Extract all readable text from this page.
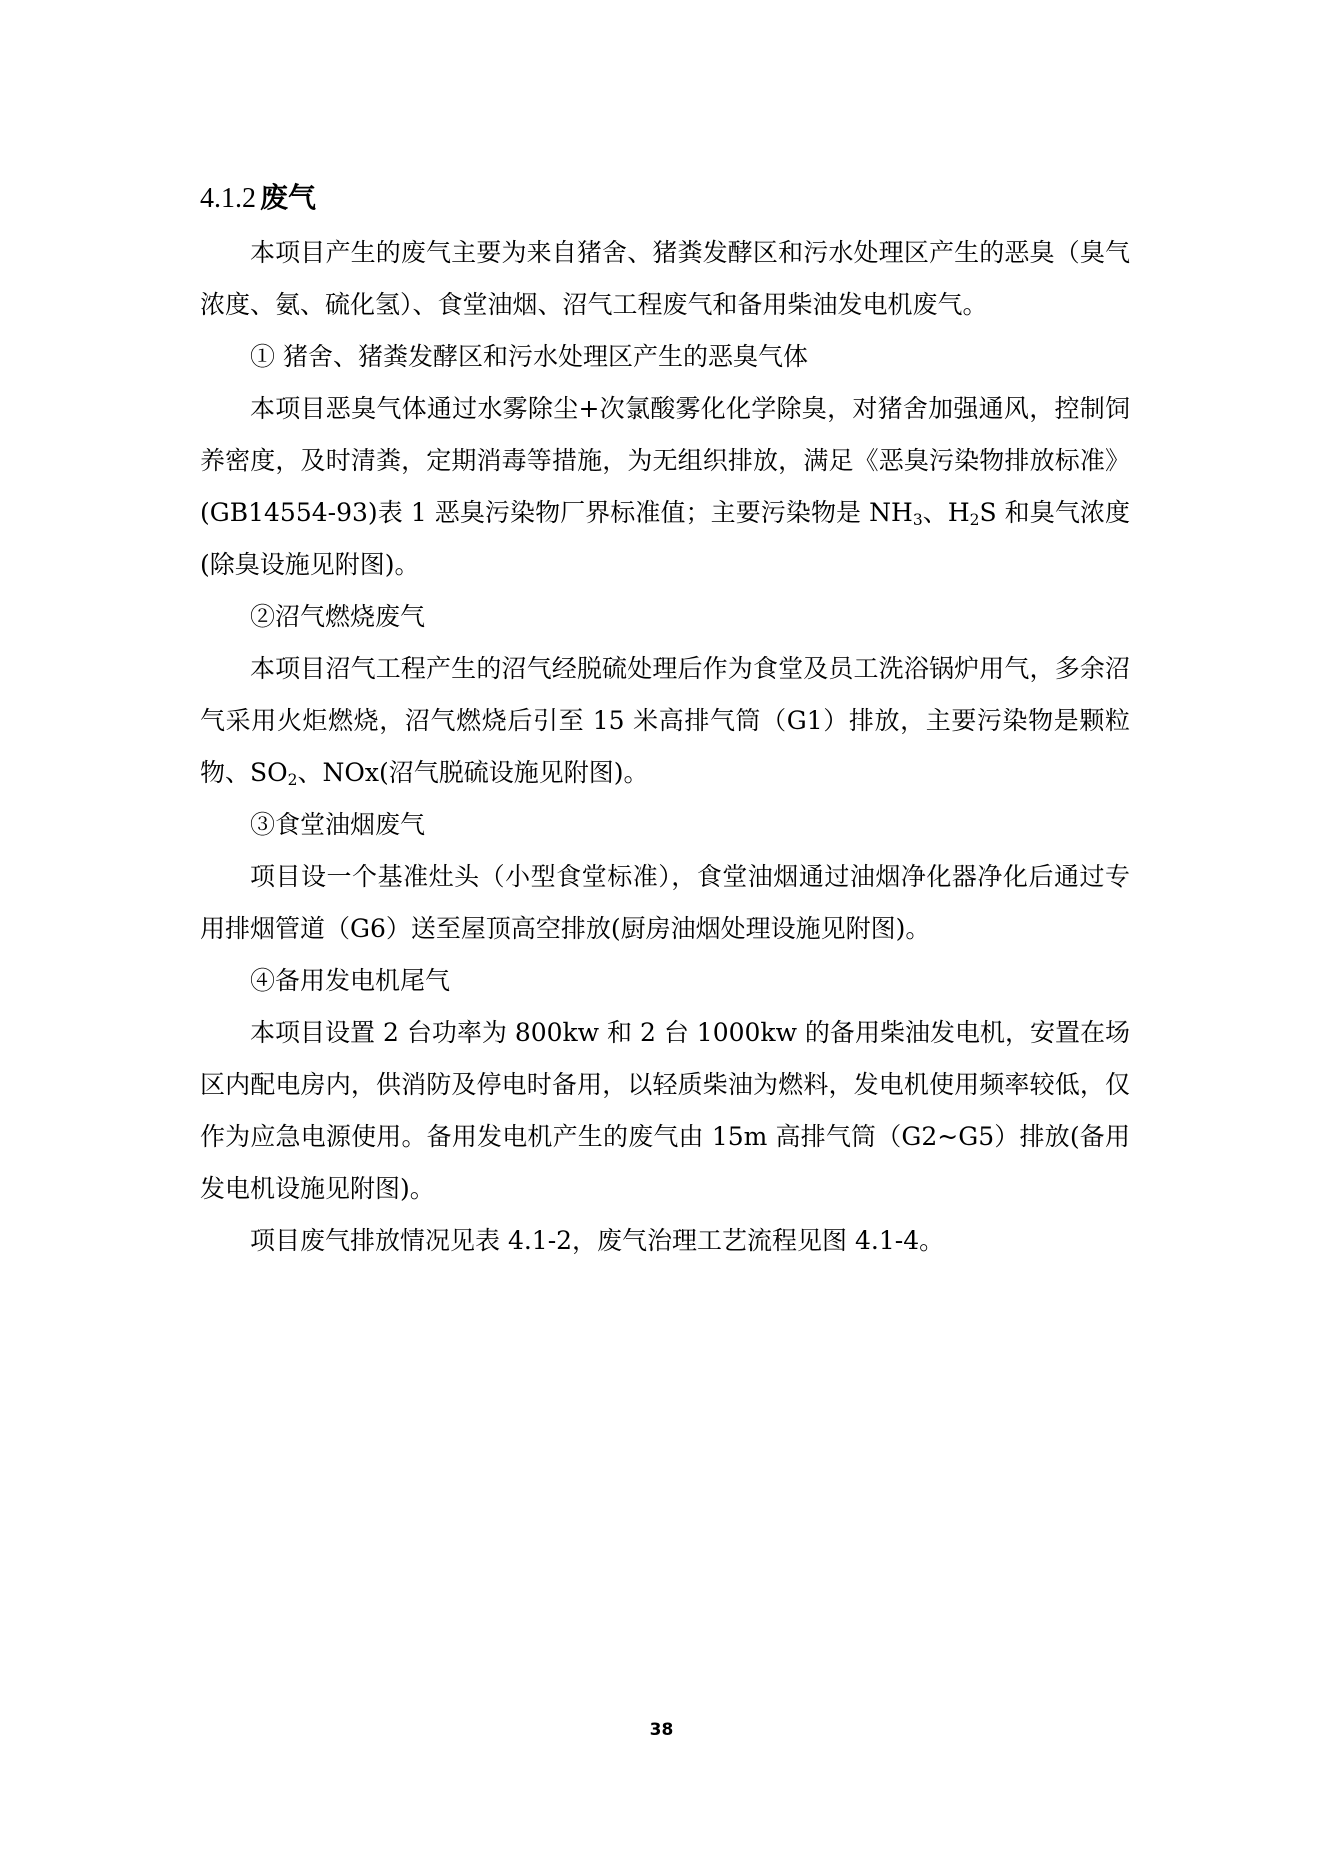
4.1.2 废气

本项目产生的废气主要为来自猪舍、猪粪发酵区和污水处理区产生的恶臭（臭气浓度、氨、硫化氢）、食堂油烟、沼气工程废气和备用柴油发电机废气。

① 猪舍、猪粪发酵区和污水处理区产生的恶臭气体

本项目恶臭气体通过水雾除尘+次氯酸雾化化学除臭，对猪舍加强通风，控制饲养密度，及时清粪，定期消毒等措施，为无组织排放，满足《恶臭污染物排放标准》(GB14554-93)表 1 恶臭污染物厂界标准值；主要污染物是 $NH_3$、$H_2S$ 和臭气浓度(除臭设施见附图)。

②沼气燃烧废气

本项目沼气工程产生的沼气经脱硫处理后作为食堂及员工洗浴锅炉用气，多余沼气采用火炬燃烧，沼气燃烧后引至 15 米高排气筒（G1）排放，主要污染物是颗粒物、$SO_2$、NOx(沼气脱硫设施见附图)。

③食堂油烟废气

项目设一个基准灶头（小型食堂标准），食堂油烟通过油烟净化器净化后通过专用排烟管道（G6）送至屋顶高空排放(厨房油烟处理设施见附图)。

④备用发电机尾气

本项目设置 2 台功率为 800kw 和 2 台 1000kw 的备用柴油发电机，安置在场区内配电房内，供消防及停电时备用，以轻质柴油为燃料，发电机使用频率较低，仅作为应急电源使用。备用发电机产生的废气由 15m 高排气筒（G2~G5）排放(备用发电机设施见附图)。

项目废气排放情况见表 4.1-2，废气治理工艺流程见图 4.1-4。

38
